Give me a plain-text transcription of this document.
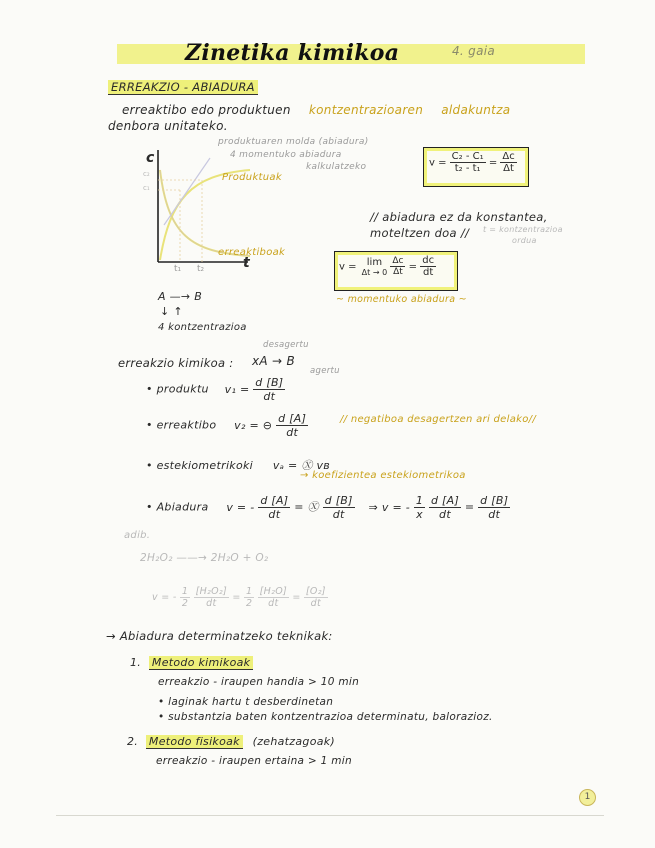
Zinetika kimikoa	4. gaia
ERREAKZIO - ABIADURA
erreaktibo edo produktuen kontzentrazioaren aldakuntza
denbora unitateko.
c
t
c₂
c₁
t₁ t₂
produktuaren molda (abiadura)
4 momentuko abiadura
kalkulatzeko
Produktuak
erreaktiboak
$v = \frac{\text{C₂ - C₁}}{\text{t₂ - t₁}} = \frac{\Delta c}{\Delta t}$
// abiadura ez da konstantea,
moteltzen doa // t = kontzentrazioa
ordua
v =	lim
Δt → 0
$\frac{\Delta c}{\Delta t} = \frac{dc}{dt}$
~ momentuko abiadura ~
A —→ B
↓ ↑
4 kontzentrazioa
desagertu
erreakzio kimikoa : xA → B
agertu
• produktu $v_1 = \frac{d [B]}{dt}$
• erreaktibo v₂ = ⊖ $\frac{d [A]}{dt}$	// negatiboa desagertzen ari delako//
• estekiometrikoki vₐ = Ⓧ vʙ
→ koefizientea estekiometrikoa
• Abiadura v = - $\frac{d [A]}{dt}$ = Ⓧ $\frac{d [B]}{dt}$ ⇒ v = - $\frac{1}{x}$
$\frac{d [A]}{dt} = \frac{d [B]}{dt}$
adib.
2H₂O₂ ——→ 2H₂O + O₂
v = - $\frac{1}{2}$
$\frac{\text{[H₂O₂]}}{dt} = \frac{1}{2}$
$\frac{\text{[H₂O]}}{dt} = \frac{\text{[O₂]}}{dt}$
→ Abiadura determinatzeko teknikak:
1. Metodo kimikoak
erreakzio - iraupen handia > 10 min
• laginak hartu t desberdinetan
• substantzia baten kontzentrazioa determinatu, balorazioz.
2. Metodo fisikoak (zehatzagoak)
erreakzio - iraupen ertaina > 1 min
1
